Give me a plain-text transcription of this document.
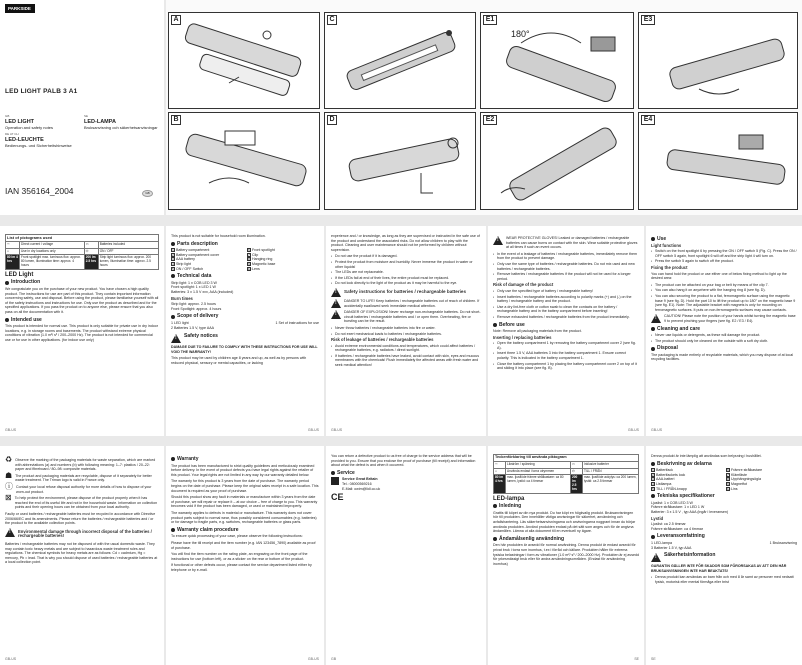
PARKSIDE
LED LIGHT PALB 3 A1
GB
LED LIGHT
Operation and safety notes
SE
LED-LAMPA
Bruksanvisning och säkerhetsanvisningar
DE AT CH
LED-LEUCHTE
Bedienungs- und Sicherheitshinweise
IAN 356164_2004	GB
A
B
C
D
E1
180°
E2
E3
E4
List of pictograms used			
⎓	Direct current / voltage	▭	Batteries included
⌂	Use in dry locations only	⏻	ON / OFF
80 lm 4 hrs	Front spotlight max. luminous flux: approx. 80 lumen, Illumination time: approx. 4 hours	200 lm 2.5 hrs	Strip light luminous flux: approx. 200 lumen, Illumination time: approx. 2.5 hours
LED Light
Introduction

We congratulate you on the purchase of your new product. You have chosen a high quality product. The instructions for use are part of this product. They contain important information concerning safety, use and disposal. Before using the product, please familiarise yourself with all of the safety instructions and instructions for use. Only use the product as described and for the specified applications. If you pass the product on to anyone else, please ensure that you also pass on all the documentation with it.

Intended use

This product is intended for normal use. This product is only suitable for private use in dry indoor locations, e.g. in storage rooms and basements. The product withstand extreme physical conditions of vibration (1.0 m²/ s³ / 200–2000 Hz). The product is not intended for commercial use or for use in other applications. (for indoor use only)

GB-US

This product is not suitable for household room illumination.

Parts description
1 Battery compartment	6 Front spotlight
2 Battery compartment cover	7 Clip
3 AAA battery	8 Hanging ring
4 Strip light	9 Magnetic base
5 ON / OFF Switch	10Lens
Technical data
Strip light: 1 x COB LED 3 W
Front spotlight: 1 x LED 1 W
Batteries: 3 x 1.5 V xxx, AAA (included)
Burn times
Strip light: approx. 2.5 hours
Front Spotlight: approx. 4 hours
Scope of delivery
1 LED light
2 Batteries 1.5 V, type AAA
1 Set of instructions for use
!
Safety notices

DAMAGE DUE TO FAILURE TO COMPLY WITH THESE INSTRUCTIONS FOR USE WILL VOID THE WARRANTY!

This product may be used by children age 8 years and up, as well as by persons with reduced physical, sensory or mental capacities, or lacking

GB-US

experience and / or knowledge, as long as they are supervised or instructed in the safe use of the product and understand the associated risks. Do not allow children to play with the product. Cleaning and user maintenance should not be performed by children without supervision.

▪ Do not use the product if it is damaged.
▪ Protect the product from moisture and humidity. Never immerse the product in water or other liquids!
▪ The LEDs are not replaceable.
▪ If the LEDs fail at end of their lives, the entire product must be replaced.
▪ Do not look directly to the light of the product as it may be harmful to the eye.
!
Safety instructions for batteries / rechargeable batteries
!
DANGER TO LIFE! Keep batteries / rechargeable batteries out of reach of children. If accidentally swallowed seek immediate medical attention.
!
DANGER OF EXPLOSION! Never recharge non-rechargeable batteries. Do not short-circuit batteries / rechargeable batteries and / or open them. Overheating, fire or bursting can be the result.
▪ Never throw batteries / rechargeable batteries into fire or water.
▪ Do not exert mechanical loads to batteries / rechargeable batteries.
Risk of leakage of batteries / rechargeable batteries
▪ Avoid extreme environmental conditions and temperatures, which could affect batteries / rechargeable batteries, e.g. radiators / direct sunlight.
▪ If batteries / rechargeable batteries have leaked, avoid contact with skin, eyes and mucous membranes with the chemicals! Flush immediately the affected areas with fresh water and seek medical attention!
GB-US
!
WEAR PROTECTIVE GLOVES! Leaked or damaged batteries / rechargeable batteries can cause burns on contact with the skin. Wear suitable protective gloves at all times if such an event occurs.
▪ In the event of a leakage of batteries / rechargeable batteries, immediately remove them from the product to prevent damage.
▪ Only use the same type of batteries / rechargeable batteries. Do not mix used and new batteries / rechargeable batteries.
▪ Remove batteries / rechargeable batteries if the product will not be used for a longer period.
Risk of damage of the product
▪ Only use the specified type of battery / rechargeable battery!
▪ Insert batteries / rechargeable batteries according to polarity marks (+) and (-) on the battery / rechargeable battery and the product.
▪ Use a dry lint-free cloth or cotton swab to clean the contacts on the battery / rechargeable battery and in the battery compartment before inserting!
▪ Remove exhausted batteries / rechargeable batteries from the product immediately.
Before use

Note: Remove all packaging materials from the product.

Inserting / replacing batteries
▪ Open the battery compartment 1 by removing the battery compartment cover 2 (see fig. A).
▪ Insert three 1.5 V, AAA batteries 3 into the battery compartment 1. Ensure correct polarity. This is indicated in the battery compartment 1.
▪ Close the battery compartment 1 by placing the battery compartment cover 2 on top of it and sliding it into place (see fig. B).
GB-US
Use
Light functions
▪ Switch on the front spotlight 6 by pressing the ON / OFF switch 5 (Fig. C). Press the ON / OFF switch 5 again, front spotlight 6 will off and the strip light 4 will turn on.
▪ Press the switch 5 again to switch off the product.
Fixing the product

You can hand hold the product or use either one of below fixing method to light up the desired area:

▪ The product can be attached on your bag or belt by means of the clip 7.
▪ You can also hang it on anywhere with the hanging ring 8 (see fig. D).
▪ You can also securing the product to a flat, ferromagnetic surface using the magnetic base 9 (see fig. D). Hold the part 10 to lift the product up to 180° on the magnetic base 9 (see fig. E1). Note: The adjustable bracket with magnets is only for mounting on ferromagnetic surfaces. It puts on non-ferromagnetic surfaces may cause contacts.
!
CAUTION! Please note the position of your hands whilst turning the magnetic base 9 to prevent pinching your fingers (see fig. E2 / E3 / E4).
Cleaning and care
▪ Never use liquids or detergents, as these will damage the product.
▪ The product should only be cleaned on the outside with a soft dry cloth.
Disposal

The packaging is made entirely of recyclable materials, which you may dispose of at local recycling facilities.

GB-US
♻ Observe the marking of the packaging materials for waste separation, which are marked with abbreviations (a) and numbers (b) with following meaning: 1–7: plastics / 20–22: paper and fibreboard / 80–98: composite materials.
☗ The product and packaging materials are recyclable, dispose of it separately for better waste treatment. The Triman logo is valid in France only.
ⓘ Contact your local refuse disposal authority for more details of how to dispose of your worn-out product.
⊠ To help protect the environment, please dispose of the product properly when it has reached the end of its useful life and not in the household waste. Information on collection points and their opening hours can be obtained from your local authority.

Faulty or used batteries / rechargeable batteries must be recycled in accordance with Directive 2006/66/EC and its amendments. Please return the batteries / rechargeable batteries and / or the product to the available collection points.

!
Environmental damage through incorrect disposal of the batteries / rechargeable batteries!

Batteries / rechargeable batteries may not be disposed of with the usual domestic waste. They may contain toxic heavy metals and are subject to hazardous waste treatment rules and regulations. The chemical symbols for heavy metals are as follows: Cd = cadmium, Hg = mercury, Pb = lead. That is why you should dispose of used batteries / rechargeable batteries at a local collection point.

GB-US
Warranty

The product has been manufactured to strict quality guidelines and meticulously examined before delivery. In the event of product defects you have legal rights against the retailer of this product. Your legal rights are not limited in any way by our warranty detailed below.

The warranty for this product is 3 years from the date of purchase. The warranty period begins on the date of purchase. Please keep the original sales receipt in a safe location. This document is required as your proof of purchase.

Should this product show any fault in materials or manufacture within 3 years from the date of purchase, we will repair or replace it – at our choice – free of charge to you. This warranty becomes void if the product has been damaged, or used or maintained improperly.

The warranty applies to defects in material or manufacture. This warranty does not cover product parts subject to normal wear, thus possibly considered consumables (e.g. batteries) or for damage to fragile parts, e.g. switches, rechargeable batteries or glass parts.

Warranty claim procedure

To ensure quick processing of your case, please observe the following instructions:

Please have the till receipt and the item number (e.g. IAN 123456_7890) available as proof of purchase.

You will find the item number on the rating plate, an engraving on the front page of the instructions for use (bottom left), or as a sticker on the rear or bottom of the product.

If functional or other defects occur, please contact the service department listed either by telephone or by e-mail.

GB-US

You can return a defective product to us free of charge to the service address that will be provided to you. Ensure that you enclose the proof of purchase (till receipt) and information about what the defect is and when it occurred.

Service
Service Great Britain
Tel.: 08000569216
E-Mail: owim@lidl.co.uk
CE
GB
Teckenförklaring till använda piktogram			
⎓	Likström / spänning	▭	Inklusive batterier
⌂	Använda endast i torra utrymmen	⏻	TILL / FRÅN
80 lm 4 hrs	max. ljusflöde främre strålkastare: ca 80 lumen, lystid: ca 4 timmar	200 lm 2.5 hrs	max. ljusflöde ackylys: ca 200 lumen, lystid: ca 2.5 timmar
LED-lampa
Inledning

Grattis till köpet av din nya produkt. Du har köpt en högkvalig produkt. Bruksanvisningen hör till produkten. Den innehåller viktiga anvisningar för säkerhet, användning och avfallshantering. Läs säkerhetsanvisningarna och anvisningarna noggrant innan du börjar använda produkten. Använd produkten endast på det sätt som anges och för de angivna ändamålen. Lämna ut alla dokument till en eventuell ny ägare.

Ändamålsenlig användning

Den här produkten är avsedd för normal användning. Denna produkt är endast avsedd för privat bruk i torra rum inomhus, t.ex i förråd och källare. Produkten håller för extrema fysiska belastningar i form av vibrationer (1.0 m²/ s³ / 200–2000 Hz). Produkten är ej avsedd för yrkesmässigt bruk eller för andra användningsområden. (Endast för användning inomhus)

SE

Denna produkt är inte lämplig att användas som belysning i hushållet.

Beskrivning av delarna
1 Batterifack	6 Främre strålkastare
2 Batterifackets lock	7 Klämfäste
3 AAA-batteri	8 Upphängningsögla
4 Listlampa	9 Magnetfot
5 TILL / FRÅN-knapp	10Lins
Tekniska specifikationer
Ljuslist: 1 x COB LED 3 W
Främre strålkastare: 1 x LED 1 W
Batterier: 3 x 1.5 V , typ AAA (ingår i leveransen)
Lystid
Ljuslist: ca 2.5 timmar
Främre strålkastare: ca 4 timmar
Leveransomfattning
1 LED-lampa
3 Batterier 1.5 V, typ AAA
1 Bruksanvisning
!
Säkerhetsinformation

GARANTIN GÄLLER INTE FÖR SKADOR SOM FÖRORSAKAS AV ATT DEN HÄR BRUKSANVISNINGEN INTE HAR BEAKTATS!

▪ Denna produkt kan användas av barn från och med 8 år samt av personer med nedsatt fysisk, motorisk eller mental förmåga eller brist
SE
